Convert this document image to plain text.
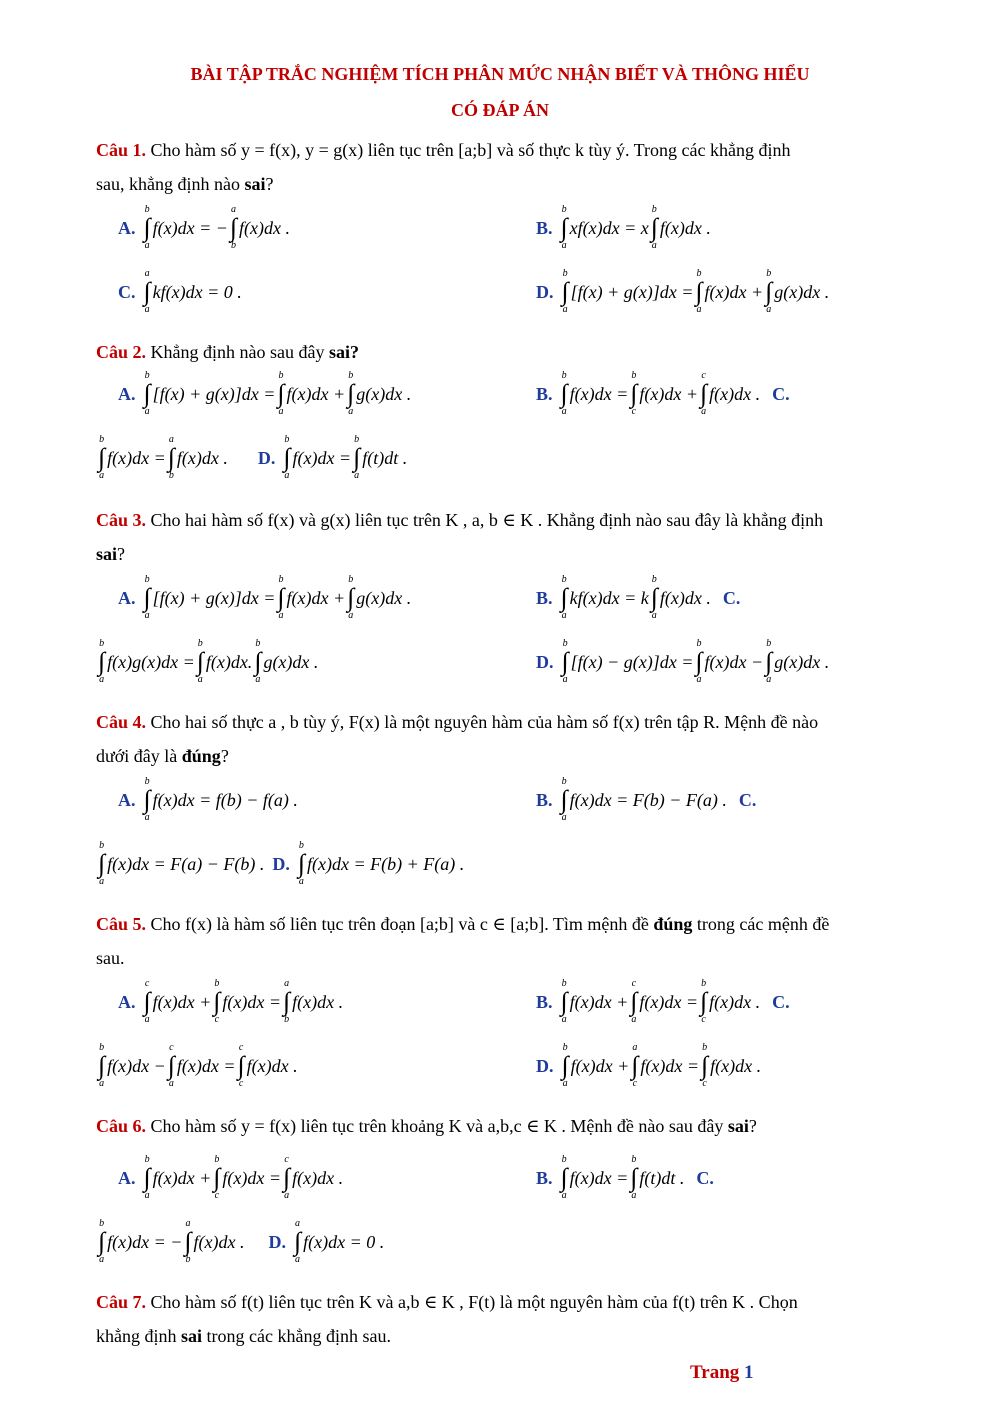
BÀI TẬP TRẮC NGHIỆM TÍCH PHÂN MỨC NHẬN BIẾT VÀ THÔNG HIỂU
CÓ ĐÁP ÁN
Câu 1. Cho hàm số y = f(x), y = g(x) liên tục trên [a;b] và số thực k tùy ý. Trong các khẳng định
sau, khẳng định nào sai?
A.
b
∫
a
f(x)dx = −
a
∫
b
f(x)dx .	B.
b
∫
a
xf(x)dx = x
b
∫
a
f(x)dx .
C.
a
∫
a
kf(x)dx = 0 .	D.
b
∫
a
[f(x) + g(x)]dx =
b
∫
a
f(x)dx +
b
∫
a
g(x)dx .
Câu 2. Khẳng định nào sau đây sai?
A.
b
∫
a
[f(x) + g(x)]dx =
b
∫
a
f(x)dx +
b
∫
a
g(x)dx .	B.
b
∫
a
f(x)dx =
b
∫
c
f(x)dx +
c
∫
a
f(x)dx . C.
b
∫
a
f(x)dx =
a
∫
b
f(x)dx . D.
b
∫
a
f(x)dx =
b
∫
a
f(t)dt .
Câu 3. Cho hai hàm số f(x) và g(x) liên tục trên K , a, b ∈ K . Khẳng định nào sau đây là khẳng định
sai?
A.
b
∫
a
[f(x) + g(x)]dx =
b
∫
a
f(x)dx +
b
∫
a
g(x)dx .	B.
b
∫
a
kf(x)dx = k
b
∫
a
f(x)dx . C.
b
∫
a
f(x)g(x)dx =
b
∫
a
f(x)dx.
b
∫
a
g(x)dx .	D.
b
∫
a
[f(x) − g(x)]dx =
b
∫
a
f(x)dx −
b
∫
a
g(x)dx .
Câu 4. Cho hai số thực a , b tùy ý, F(x) là một nguyên hàm của hàm số f(x) trên tập R. Mệnh đề nào
dưới đây là đúng?
A.
b
∫
a
f(x)dx = f(b) − f(a) .	B.
b
∫
a
f(x)dx = F(b) − F(a) . C.
b
∫
a
f(x)dx = F(a) − F(b) . D.
b
∫
a
f(x)dx = F(b) + F(a) .
Câu 5. Cho f(x) là hàm số liên tục trên đoạn [a;b] và c ∈ [a;b]. Tìm mệnh đề đúng trong các mệnh đề
sau.
A.
c
∫
a
f(x)dx +
b
∫
c
f(x)dx =
a
∫
b
f(x)dx .	B.
b
∫
a
f(x)dx +
c
∫
a
f(x)dx =
b
∫
c
f(x)dx . C.
b
∫
a
f(x)dx −
c
∫
a
f(x)dx =
c
∫
c
f(x)dx .	D.
b
∫
a
f(x)dx +
a
∫
c
f(x)dx =
b
∫
c
f(x)dx .
Câu 6. Cho hàm số y = f(x) liên tục trên khoảng K và a,b,c ∈ K . Mệnh đề nào sau đây sai?
A.
b
∫
a
f(x)dx +
b
∫
c
f(x)dx =
c
∫
a
f(x)dx .	B.
b
∫
a
f(x)dx =
b
∫
a
f(t)dt . C.
b
∫
a
f(x)dx = −
a
∫
b
f(x)dx . D.
a
∫
a
f(x)dx = 0 .
Câu 7. Cho hàm số f(t) liên tục trên K và a,b ∈ K , F(t) là một nguyên hàm của f(t) trên K . Chọn
khẳng định sai trong các khẳng định sau.
Trang 1
